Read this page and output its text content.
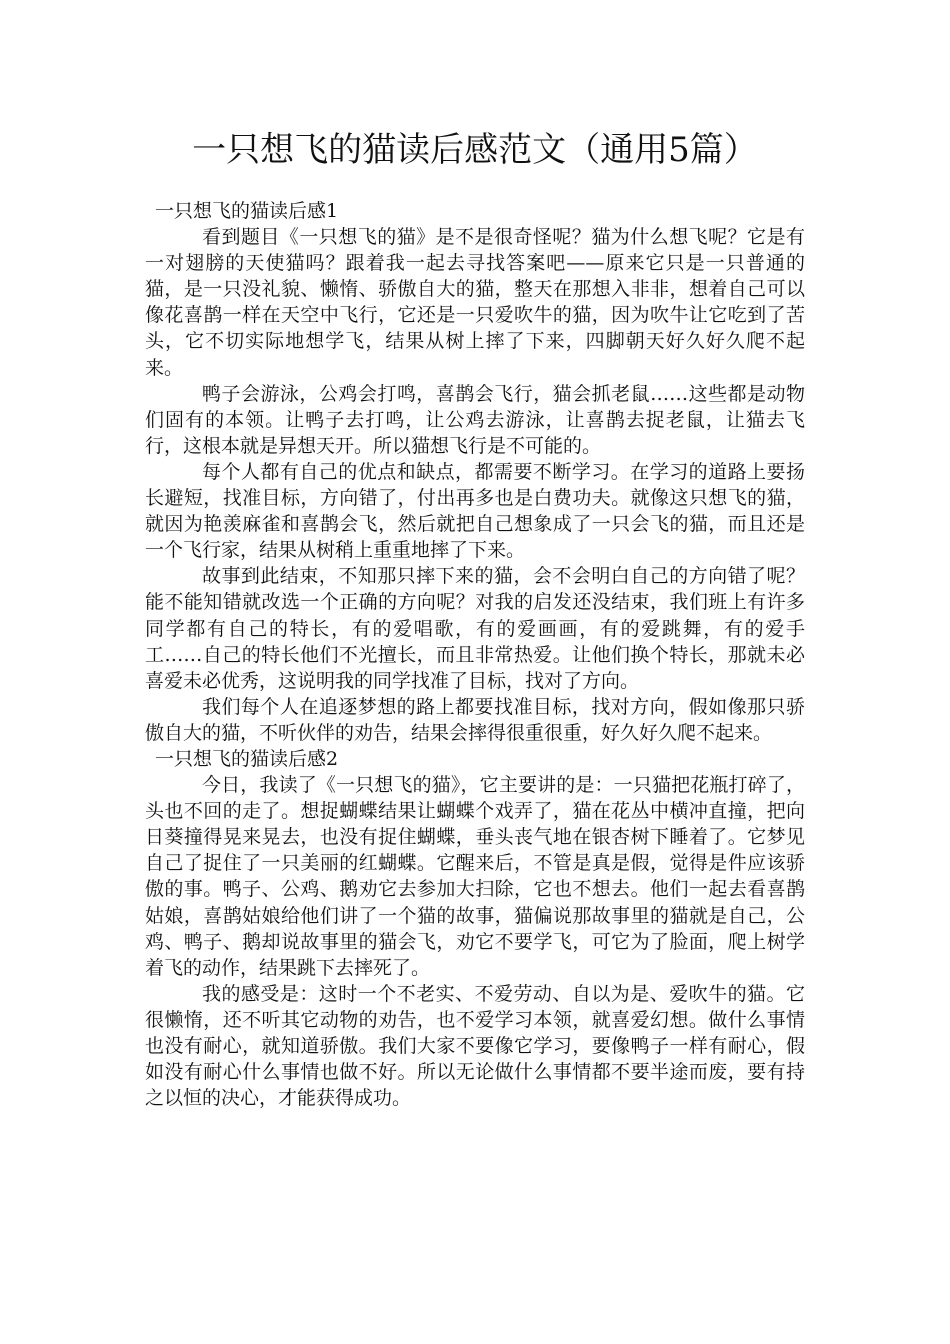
一只想飞的猫读后感范文（通用5篇）
一只想飞的猫读后感1

看到题目《一只想飞的猫》是不是很奇怪呢？猫为什么想飞呢？它是有一对翅膀的天使猫吗？跟着我一起去寻找答案吧——原来它只是一只普通的猫，是一只没礼貌、懒惰、骄傲自大的猫，整天在那想入非非，想着自己可以像花喜鹊一样在天空中飞行，它还是一只爱吹牛的猫，因为吹牛让它吃到了苦头，它不切实际地想学飞，结果从树上摔了下来，四脚朝天好久好久爬不起来。

鸭子会游泳，公鸡会打鸣，喜鹊会飞行，猫会抓老鼠……这些都是动物们固有的本领。让鸭子去打鸣，让公鸡去游泳，让喜鹊去捉老鼠，让猫去飞行，这根本就是异想天开。所以猫想飞行是不可能的。

每个人都有自己的优点和缺点，都需要不断学习。在学习的道路上要扬长避短，找准目标，方向错了，付出再多也是白费功夫。就像这只想飞的猫，就因为艳羡麻雀和喜鹊会飞，然后就把自己想象成了一只会飞的猫，而且还是一个飞行家，结果从树稍上重重地摔了下来。

故事到此结束，不知那只摔下来的猫，会不会明白自己的方向错了呢？能不能知错就改选一个正确的方向呢？对我的启发还没结束，我们班上有许多同学都有自己的特长，有的爱唱歌，有的爱画画，有的爱跳舞，有的爱手工……自己的特长他们不光擅长，而且非常热爱。让他们换个特长，那就未必喜爱未必优秀，这说明我的同学找准了目标，找对了方向。

我们每个人在追逐梦想的路上都要找准目标，找对方向，假如像那只骄傲自大的猫，不听伙伴的劝告，结果会摔得很重很重，好久好久爬不起来。

一只想飞的猫读后感2

今日，我读了《一只想飞的猫》，它主要讲的是：一只猫把花瓶打碎了，头也不回的走了。想捉蝴蝶结果让蝴蝶个戏弄了，猫在花丛中横冲直撞，把向日葵撞得晃来晃去，也没有捉住蝴蝶，垂头丧气地在银杏树下睡着了。它梦见自己了捉住了一只美丽的红蝴蝶。它醒来后，不管是真是假，觉得是件应该骄傲的事。鸭子、公鸡、鹅劝它去参加大扫除，它也不想去。他们一起去看喜鹊姑娘，喜鹊姑娘给他们讲了一个猫的故事，猫偏说那故事里的猫就是自己，公鸡、鸭子、鹅却说故事里的猫会飞，劝它不要学飞，可它为了脸面，爬上树学着飞的动作，结果跳下去摔死了。

我的感受是：这时一个不老实、不爱劳动、自以为是、爱吹牛的猫。它很懒惰，还不听其它动物的劝告，也不爱学习本领，就喜爱幻想。做什么事情也没有耐心，就知道骄傲。我们大家不要像它学习，要像鸭子一样有耐心，假如没有耐心什么事情也做不好。所以无论做什么事情都不要半途而废，要有持之以恒的决心，才能获得成功。
